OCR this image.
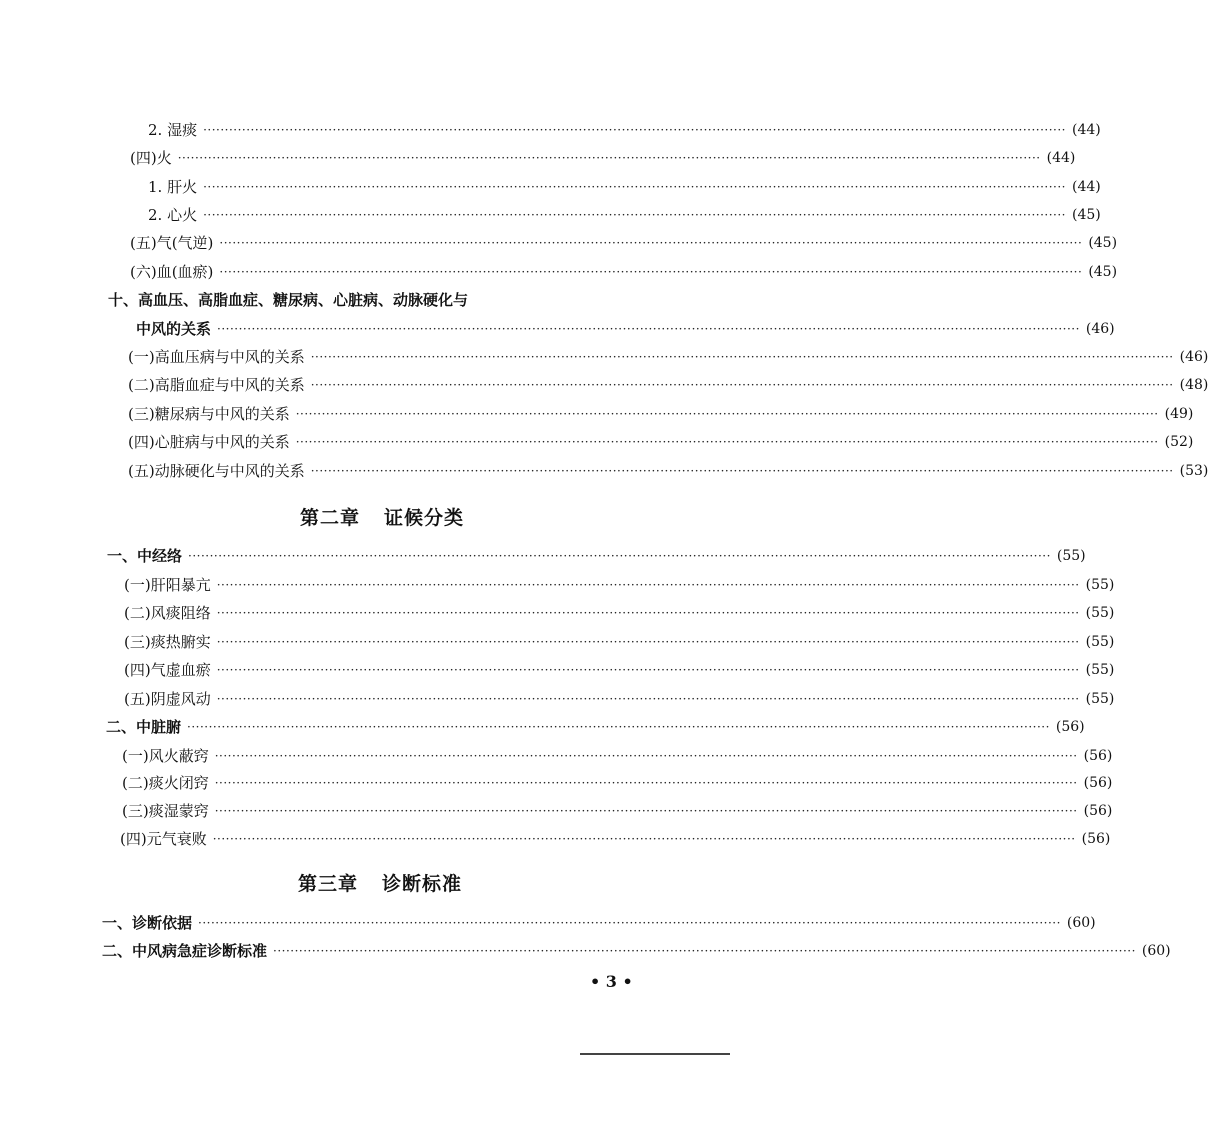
2. 湿痰 ········································································································································································································ (44)
(四)火 ········································································································································································································ (44)
1. 肝火 ········································································································································································································ (44)
2. 心火 ········································································································································································································ (45)
(五)气(气逆) ········································································································································································································ (45)
(六)血(血瘀) ········································································································································································································ (45)
十、高血压、高脂血症、糖尿病、心脏病、动脉硬化与
中风的关系 ········································································································································································································ (46)
(一)高血压病与中风的关系 ········································································································································································································ (46)
(二)高脂血症与中风的关系 ········································································································································································································ (48)
(三)糖尿病与中风的关系 ········································································································································································································ (49)
(四)心脏病与中风的关系 ········································································································································································································ (52)
(五)动脉硬化与中风的关系 ········································································································································································································ (53)
第二章 证候分类
一、中经络 ········································································································································································································ (55)
(一)肝阳暴亢 ········································································································································································································ (55)
(二)风痰阻络 ········································································································································································································ (55)
(三)痰热腑实 ········································································································································································································ (55)
(四)气虚血瘀 ········································································································································································································ (55)
(五)阴虚风动 ········································································································································································································ (55)
二、中脏腑 ········································································································································································································ (56)
(一)风火蔽窍 ········································································································································································································ (56)
(二)痰火闭窍 ········································································································································································································ (56)
(三)痰湿蒙窍 ········································································································································································································ (56)
(四)元气衰败 ········································································································································································································ (56)
第三章 诊断标准
一、诊断依据 ········································································································································································································ (60)
二、中风病急症诊断标准 ········································································································································································································ (60)
• 3 •
